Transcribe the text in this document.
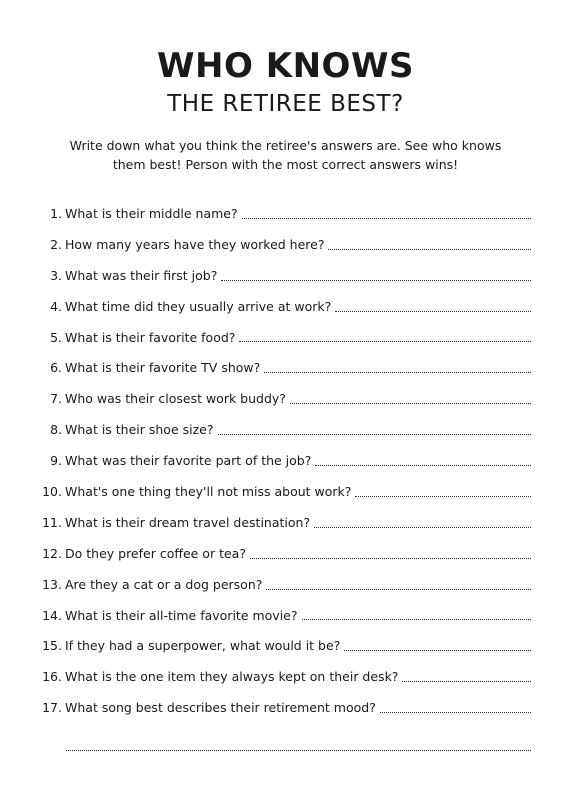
WHO KNOWS
THE RETIREE BEST?
Write down what you think the retiree's answers are. See who knows
them best! Person with the most correct answers wins!
1. What is their middle name?
2. How many years have they worked here?
3. What was their first job?
4. What time did they usually arrive at work?
5. What is their favorite food?
6. What is their favorite TV show?
7. Who was their closest work buddy?
8. What is their shoe size?
9. What was their favorite part of the job?
10. What's one thing they'll not miss about work?
11. What is their dream travel destination?
12. Do they prefer coffee or tea?
13. Are they a cat or a dog person?
14. What is their all-time favorite movie?
15. If they had a superpower, what would it be?
16. What is the one item they always kept on their desk?
17. What song best describes their retirement mood?
